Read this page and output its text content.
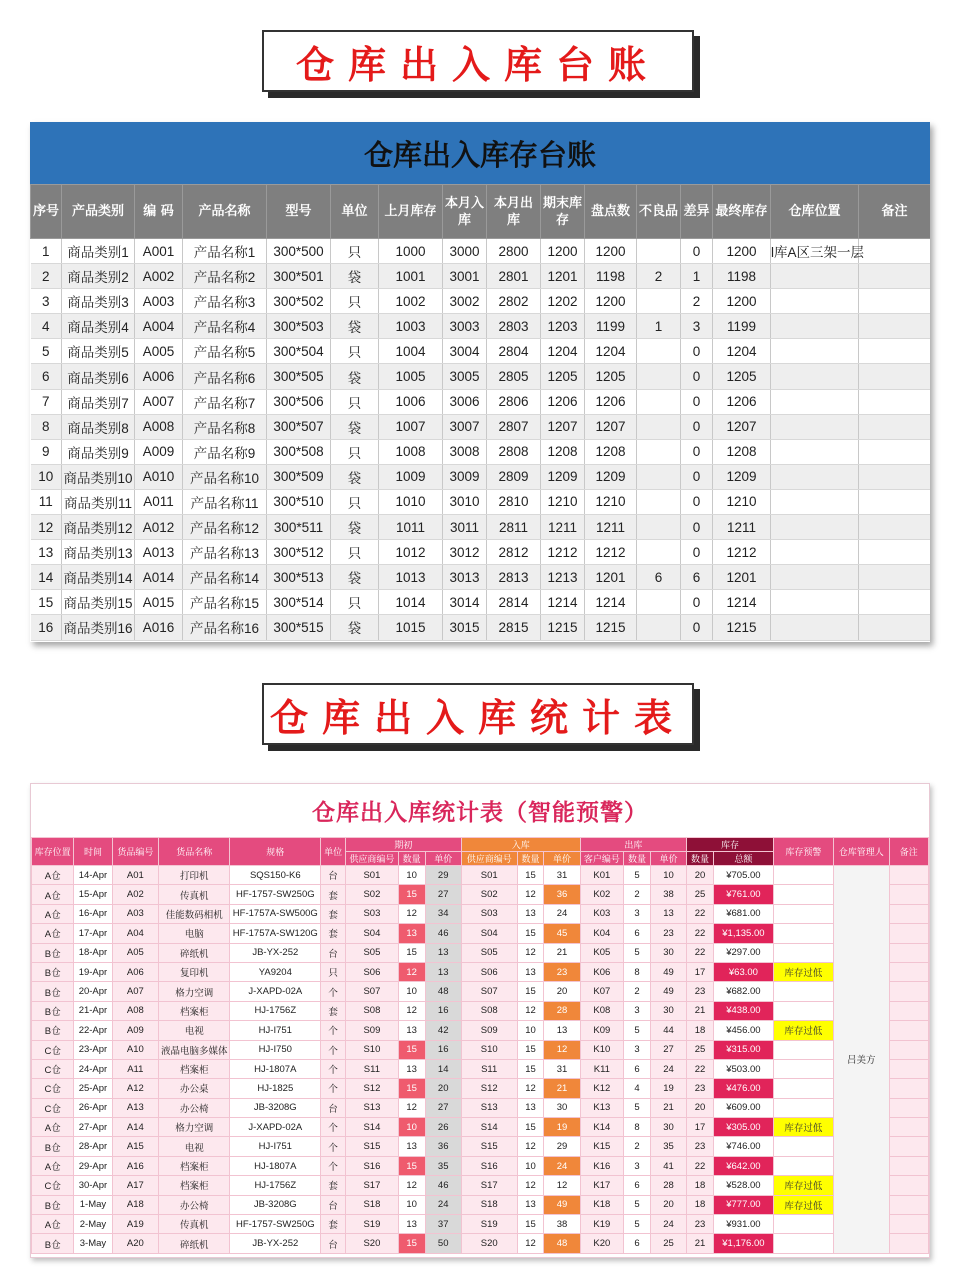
仓库出入库台账
仓库出入库存台账
序号	产品类别	编 码	产品名称	型号	单位	上月库存	本月入库	本月出库	期末库存	盘点数	不良品	差异	最终库存	仓库位置	备注
1	商品类别1	A001	产品名称1	300*500	只	1000	3000	2800	1200	1200		0	1200	l库A区三架一层	
2	商品类别2	A002	产品名称2	300*501	袋	1001	3001	2801	1201	1198	2	1	1198		
3	商品类别3	A003	产品名称3	300*502	只	1002	3002	2802	1202	1200		2	1200		
4	商品类别4	A004	产品名称4	300*503	袋	1003	3003	2803	1203	1199	1	3	1199		
5	商品类别5	A005	产品名称5	300*504	只	1004	3004	2804	1204	1204		0	1204		
6	商品类别6	A006	产品名称6	300*505	袋	1005	3005	2805	1205	1205		0	1205		
7	商品类别7	A007	产品名称7	300*506	只	1006	3006	2806	1206	1206		0	1206		
8	商品类别8	A008	产品名称8	300*507	袋	1007	3007	2807	1207	1207		0	1207		
9	商品类别9	A009	产品名称9	300*508	只	1008	3008	2808	1208	1208		0	1208		
10	商品类别10	A010	产品名称10	300*509	袋	1009	3009	2809	1209	1209		0	1209		
11	商品类别11	A011	产品名称11	300*510	只	1010	3010	2810	1210	1210		0	1210		
12	商品类别12	A012	产品名称12	300*511	袋	1011	3011	2811	1211	1211		0	1211		
13	商品类别13	A013	产品名称13	300*512	只	1012	3012	2812	1212	1212		0	1212		
14	商品类别14	A014	产品名称14	300*513	袋	1013	3013	2813	1213	1201	6	6	1201		
15	商品类别15	A015	产品名称15	300*514	只	1014	3014	2814	1214	1214		0	1214		
16	商品类别16	A016	产品名称16	300*515	袋	1015	3015	2815	1215	1215		0	1215		
仓库出入库统计表
仓库出入库统计表（智能预警）
库存位置	时间	货品编号	货品名称	规格	单位	期初			入库			出库			库存		库存预警	仓库管理人	备注
						供应商编号	数量	单价	供应商编号	数量	单价	客户编号	数量	单价	数量	总额			
A仓	14-Apr	A01	打印机	SQS150-K6	台	S01	10	29	S01	15	31	K01	5	10	20	¥705.00		吕美方	
A仓	15-Apr	A02	传真机	HF-1757-SW250G	套	S02	15	27	S02	12	36	K02	2	38	25	¥761.00			
A仓	16-Apr	A03	佳能数码相机	HF-1757A-SW500G	套	S03	12	34	S03	13	24	K03	3	13	22	¥681.00			
A仓	17-Apr	A04	电脑	HF-1757A-SW120G	套	S04	13	46	S04	15	45	K04	6	23	22	¥1,135.00			
B仓	18-Apr	A05	碎纸机	JB-YX-252	台	S05	15	13	S05	12	21	K05	5	30	22	¥297.00			
B仓	19-Apr	A06	复印机	YA9204	只	S06	12	13	S06	13	23	K06	8	49	17	¥63.00	库存过低		
B仓	20-Apr	A07	格力空调	J-XAPD-02A	个	S07	10	48	S07	15	20	K07	2	49	23	¥682.00			
B仓	21-Apr	A08	档案柜	HJ-1756Z	套	S08	12	16	S08	12	28	K08	3	30	21	¥438.00			
B仓	22-Apr	A09	电视	HJ-I751	个	S09	13	42	S09	10	13	K09	5	44	18	¥456.00	库存过低		
C仓	23-Apr	A10	液晶电脑多媒体	HJ-I750	个	S10	15	16	S10	15	12	K10	3	27	25	¥315.00			
C仓	24-Apr	A11	档案柜	HJ-1807A	个	S11	13	14	S11	15	31	K11	6	24	22	¥503.00			
C仓	25-Apr	A12	办公桌	HJ-1825	个	S12	15	20	S12	12	21	K12	4	19	23	¥476.00			
C仓	26-Apr	A13	办公椅	JB-3208G	台	S13	12	27	S13	13	30	K13	5	21	20	¥609.00			
A仓	27-Apr	A14	格力空调	J-XAPD-02A	个	S14	10	26	S14	15	19	K14	8	30	17	¥305.00	库存过低		
B仓	28-Apr	A15	电视	HJ-I751	个	S15	13	36	S15	12	29	K15	2	35	23	¥746.00			
A仓	29-Apr	A16	档案柜	HJ-1807A	个	S16	15	35	S16	10	24	K16	3	41	22	¥642.00			
C仓	30-Apr	A17	档案柜	HJ-1756Z	套	S17	12	46	S17	12	12	K17	6	28	18	¥528.00	库存过低		
B仓	1-May	A18	办公椅	JB-3208G	台	S18	10	24	S18	13	49	K18	5	20	18	¥777.00	库存过低		
A仓	2-May	A19	传真机	HF-1757-SW250G	套	S19	13	37	S19	15	38	K19	5	24	23	¥931.00			
B仓	3-May	A20	碎纸机	JB-YX-252	台	S20	15	50	S20	12	48	K20	6	25	21	¥1,176.00			
